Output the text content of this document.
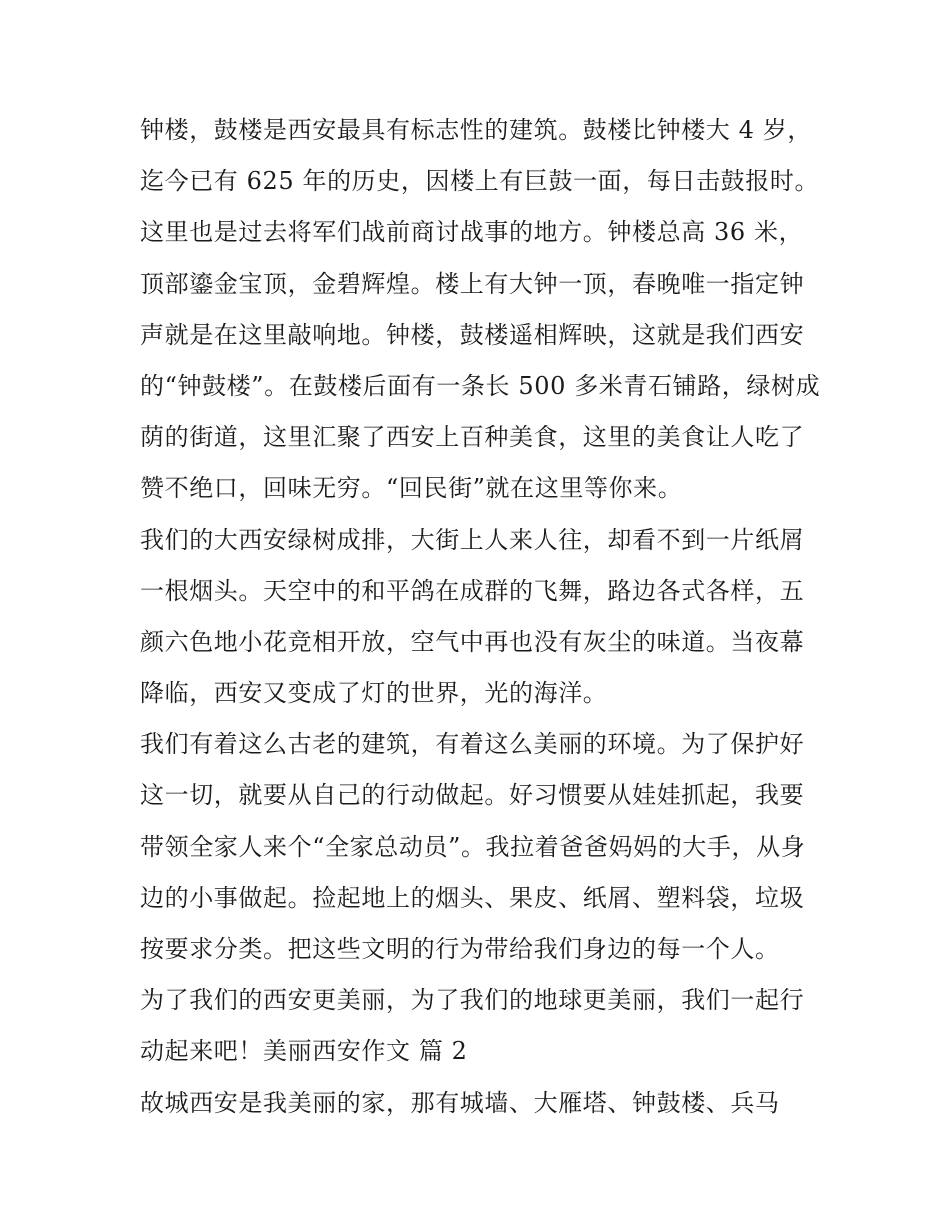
钟楼，鼓楼是西安最具有标志性的建筑。鼓楼比钟楼大 4 岁，
迄今已有 625 年的历史，因楼上有巨鼓一面，每日击鼓报时。
这里也是过去将军们战前商讨战事的地方。钟楼总高 36 米，
顶部鎏金宝顶，金碧辉煌。楼上有大钟一顶，春晚唯一指定钟
声就是在这里敲响地。钟楼，鼓楼遥相辉映，这就是我们西安
的“钟鼓楼”。在鼓楼后面有一条长 500 多米青石铺路，绿树成
荫的街道，这里汇聚了西安上百种美食，这里的美食让人吃了
赞不绝口，回味无穷。“回民街”就在这里等你来。
我们的大西安绿树成排，大街上人来人往，却看不到一片纸屑
一根烟头。天空中的和平鸽在成群的飞舞，路边各式各样，五
颜六色地小花竞相开放，空气中再也没有灰尘的味道。当夜幕
降临，西安又变成了灯的世界，光的海洋。
我们有着这么古老的建筑，有着这么美丽的环境。为了保护好
这一切，就要从自己的行动做起。好习惯要从娃娃抓起，我要
带领全家人来个“全家总动员”。我拉着爸爸妈妈的大手，从身
边的小事做起。捡起地上的烟头、果皮、纸屑、塑料袋，垃圾
按要求分类。把这些文明的行为带给我们身边的每一个人。
为了我们的西安更美丽，为了我们的地球更美丽，我们一起行
动起来吧！美丽西安作文 篇 2
故城西安是我美丽的家，那有城墙、大雁塔、钟鼓楼、兵马
